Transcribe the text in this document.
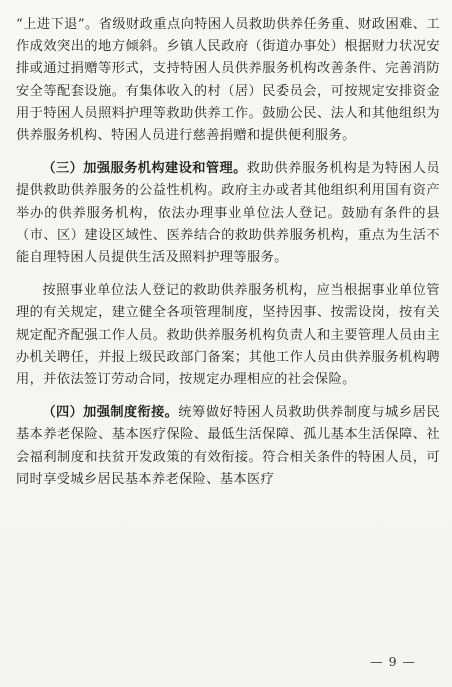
“上进下退”。省级财政重点向特困人员救助供养任务重、财政困难、工作成效突出的地方倾斜。乡镇人民政府（街道办事处）根据财力状况安排或通过捐赠等形式，支持特困人员供养服务机构改善条件、完善消防安全等配套设施。有集体收入的村（居）民委员会，可按规定安排资金用于特困人员照料护理等救助供养工作。鼓励公民、法人和其他组织为供养服务机构、特困人员进行慈善捐赠和提供便利服务。

（三）加强服务机构建设和管理。救助供养服务机构是为特困人员提供救助供养服务的公益性机构。政府主办或者其他组织利用国有资产举办的供养服务机构，依法办理事业单位法人登记。鼓励有条件的县（市、区）建设区域性、医养结合的救助供养服务机构，重点为生活不能自理特困人员提供生活及照料护理等服务。

按照事业单位法人登记的救助供养服务机构，应当根据事业单位管理的有关规定，建立健全各项管理制度，坚持因事、按需设岗，按有关规定配齐配强工作人员。救助供养服务机构负责人和主要管理人员由主办机关聘任，并报上级民政部门备案；其他工作人员由供养服务机构聘用，并依法签订劳动合同，按规定办理相应的社会保险。

（四）加强制度衔接。统筹做好特困人员救助供养制度与城乡居民基本养老保险、基本医疗保险、最低生活保障、孤儿基本生活保障、社会福利制度和扶贫开发政策的有效衔接。符合相关条件的特困人员，可同时享受城乡居民基本养老保险、基本医疗

— 9 —
